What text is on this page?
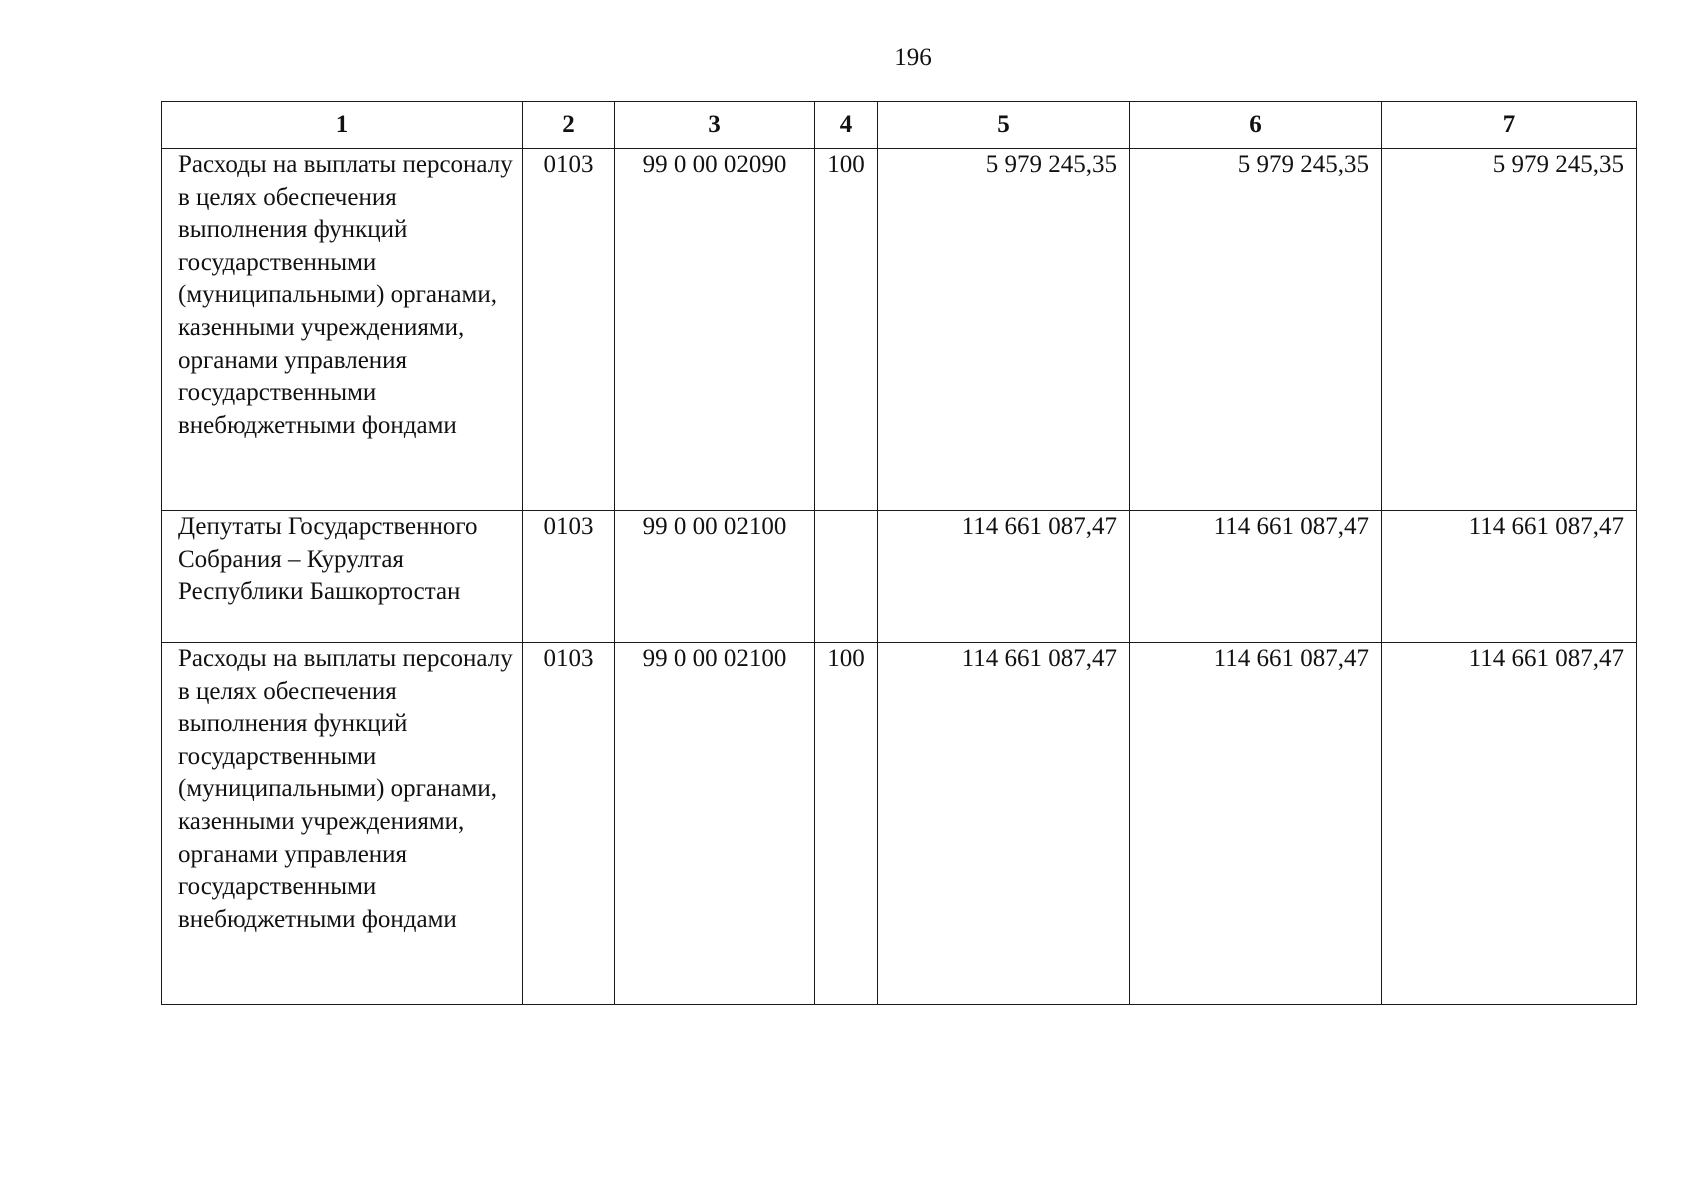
196
1	2	3	4	5	6	7
Расходы на выплаты персоналу в целях обеспечения выполнения функций государственными (муниципальными) органами, казенными учреждениями, органами управления государственными внебюджетными фондами	0103	99 0 00 02090	100	5 979 245,35	5 979 245,35	5 979 245,35
Депутаты Государственного Собрания – Курултая Республики Башкортостан	0103	99 0 00 02100		114 661 087,47	114 661 087,47	114 661 087,47
Расходы на выплаты персоналу в целях обеспечения выполнения функций государственными (муниципальными) органами, казенными учреждениями, органами управления государственными внебюджетными фондами	0103	99 0 00 02100	100	114 661 087,47	114 661 087,47	114 661 087,47
